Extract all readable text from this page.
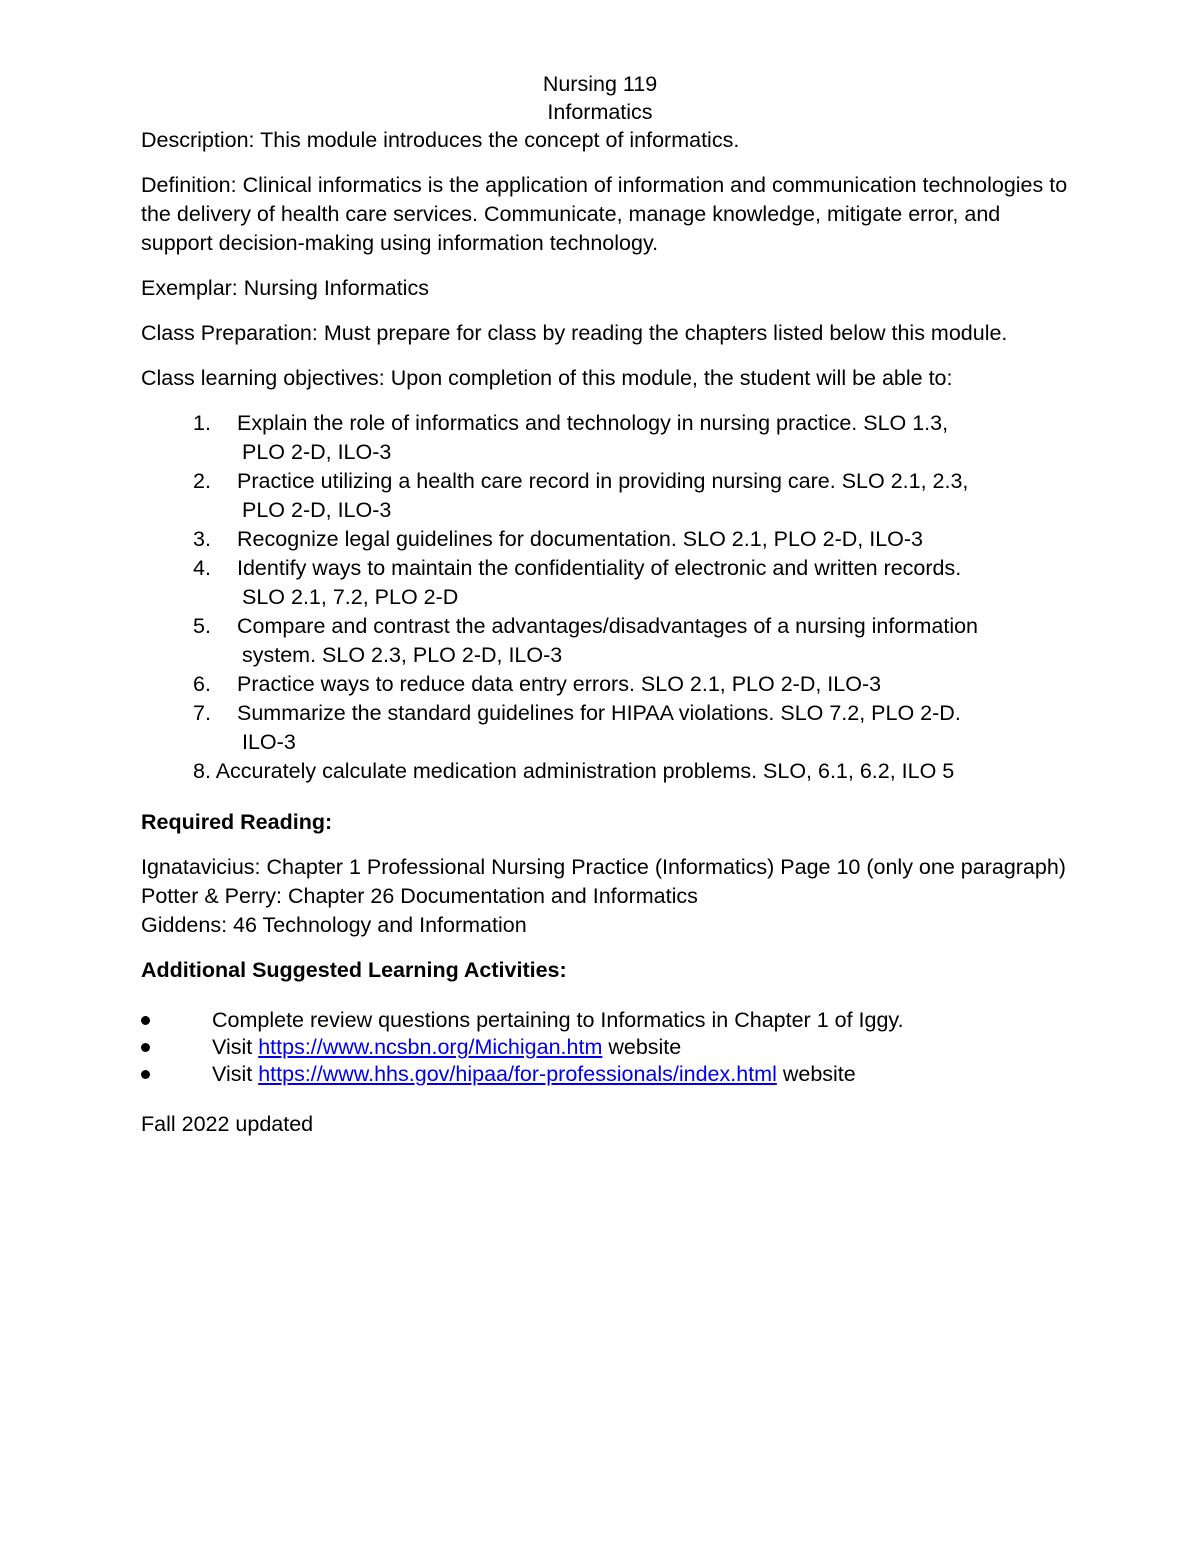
Nursing 119
Informatics

Description: This module introduces the concept of informatics.

Definition: Clinical informatics is the application of information and communication technologies to the delivery of health care services. Communicate, manage knowledge, mitigate error, and support decision-making using information technology.

Exemplar: Nursing Informatics

Class Preparation: Must prepare for class by reading the chapters listed below this module.

Class learning objectives: Upon completion of this module, the student will be able to:

1. Explain the role of informatics and technology in nursing practice. SLO 1.3,
PLO 2-D, ILO-3
2. Practice utilizing a health care record in providing nursing care. SLO 2.1, 2.3,
PLO 2-D, ILO-3
3. Recognize legal guidelines for documentation. SLO 2.1, PLO 2-D, ILO-3
4. Identify ways to maintain the confidentiality of electronic and written records.
SLO 2.1, 7.2, PLO 2-D
5. Compare and contrast the advantages/disadvantages of a nursing information
system. SLO 2.3, PLO 2-D, ILO-3
6. Practice ways to reduce data entry errors. SLO 2.1, PLO 2-D, ILO-3
7. Summarize the standard guidelines for HIPAA violations. SLO 7.2, PLO 2-D.
ILO-3
8. Accurately calculate medication administration problems. SLO, 6.1, 6.2, ILO 5

Required Reading:

Ignatavicius: Chapter 1 Professional Nursing Practice (Informatics) Page 10 (only one paragraph)

Potter & Perry: Chapter 26 Documentation and Informatics

Giddens: 46 Technology and Information

Additional Suggested Learning Activities:

Complete review questions pertaining to Informatics in Chapter 1 of Iggy.
Visit https://www.ncsbn.org/Michigan.htm website
Visit https://www.hhs.gov/hipaa/for-professionals/index.html website

Fall 2022 updated
